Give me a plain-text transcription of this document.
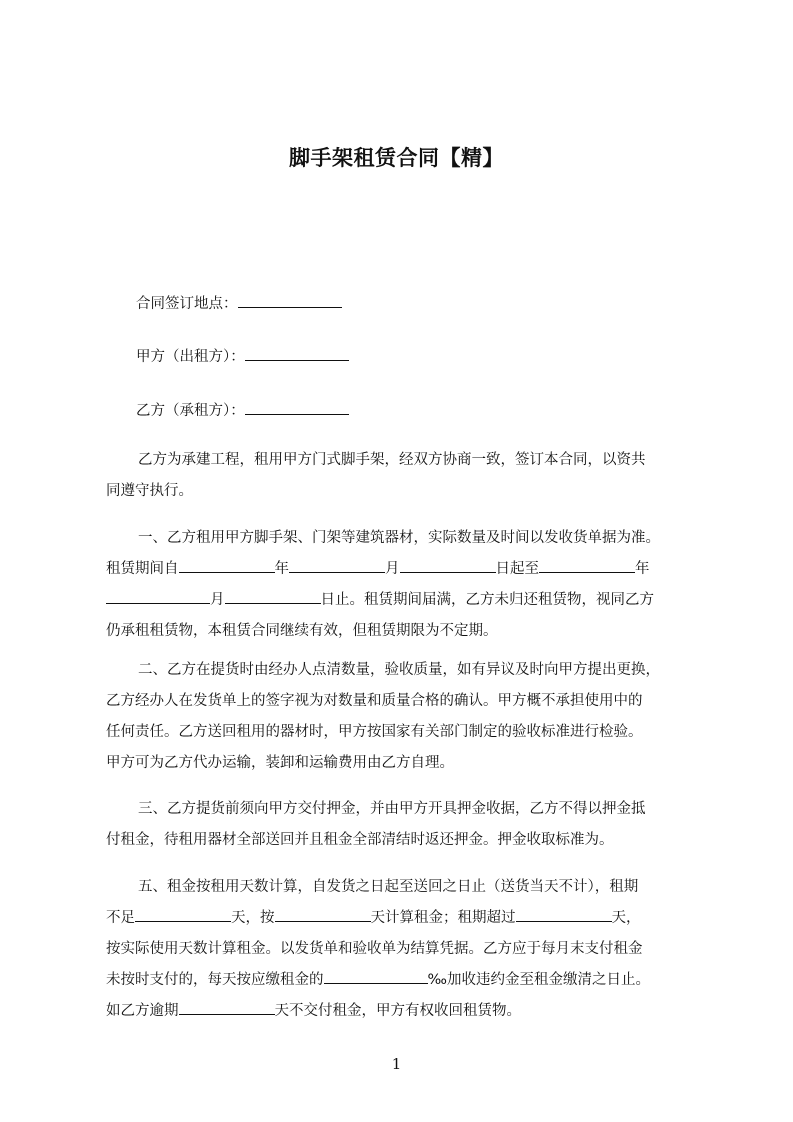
脚手架租赁合同【精】
合同签订地点：
甲方（出租方）：
乙方（承租方）：
乙方为承建工程，租用甲方门式脚手架，经双方协商一致，签订本合同，以资共
同遵守执行。
一、乙方租用甲方脚手架、门架等建筑器材，实际数量及时间以发收货单据为准。
租赁期间自	年	月	日起至	年
月	日止。租赁期间届满，乙方未归还租赁物，视同乙方
仍承租租赁物，本租赁合同继续有效，但租赁期限为不定期。
二、乙方在提货时由经办人点清数量，验收质量，如有异议及时向甲方提出更换，
乙方经办人在发货单上的签字视为对数量和质量合格的确认。甲方概不承担使用中的
任何责任。乙方送回租用的器材时，甲方按国家有关部门制定的验收标准进行检验。
甲方可为乙方代办运输，装卸和运输费用由乙方自理。
三、乙方提货前须向甲方交付押金，并由甲方开具押金收据，乙方不得以押金抵
付租金，待租用器材全部送回并且租金全部清结时返还押金。押金收取标准为。
五、租金按租用天数计算，自发货之日起至送回之日止（送货当天不计），租期
不足	天，按	天计算租金；租期超过	天，
按实际使用天数计算租金。以发货单和验收单为结算凭据。乙方应于每月末支付租金
未按时支付的，每天按应缴租金的	‰加收违约金至租金缴清之日止。
如乙方逾期	天不交付租金，甲方有权收回租赁物。
1
